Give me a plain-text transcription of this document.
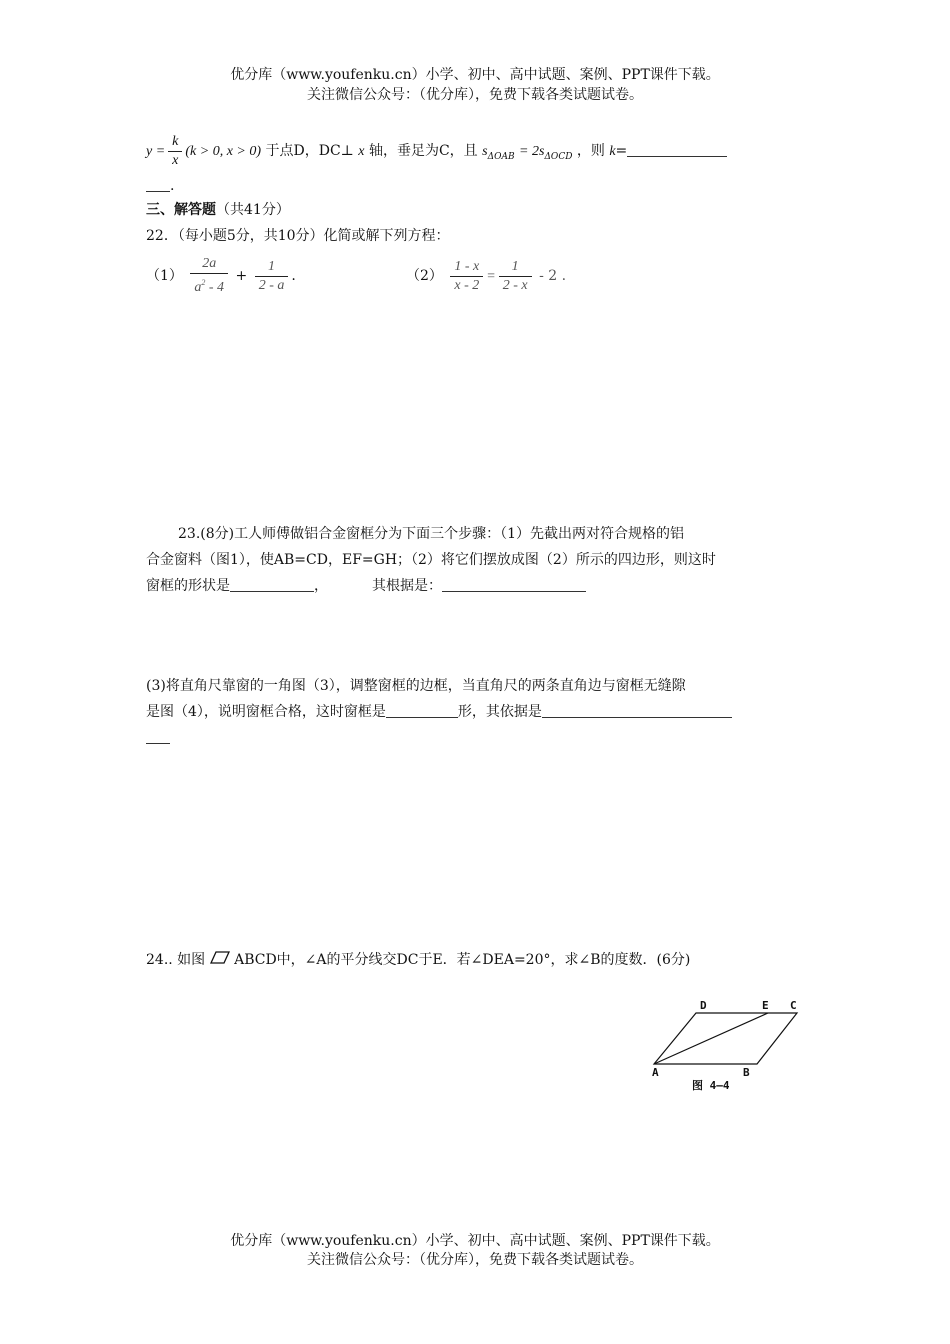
优分库（www.youfenku.cn）小学、初中、高中试题、案例、PPT课件下载。
关注微信公众号：（优分库），免费下载各类试题试卷。
$y = \frac{k}{x} (k > 0$, x > 0) 于点D，DC⊥ x 轴，垂足为C，且 $s_{\Delta OAB} = 2s_{\Delta OCD}$ ，则 k=
.
三、解答题（共41分）
22．（每小题5分，共10分）化简或解下列方程：
$(1) \frac{2a}{a^2 - 4} + \frac{1}{2 - a}$ .	$(2) \frac{1 - x}{x - 2} = \frac{1}{2 - x} - 2$ .
23.(8分)工人师傅做铝合金窗框分为下面三个步骤：（1）先截出两对符合规格的铝
合金窗料（图1），使AB=CD，EF=GH；（2）将它们摆放成图（2）所示的四边形，则这时
窗框的形状是	，	其根据是：
(3)将直角尺靠窗的一角图（3），调整窗框的边框，当直角尺的两条直角边与窗框无缝隙
是图（4），说明窗框合格，这时窗框是	形，其依据是
24.. 如图 ABCD中，∠A的平分线交DC于E．若∠DEA=20°，求∠B的度数．(6分)
D	E C
A	B
图 4—4
优分库（www.youfenku.cn）小学、初中、高中试题、案例、PPT课件下载。
关注微信公众号：（优分库），免费下载各类试题试卷。
